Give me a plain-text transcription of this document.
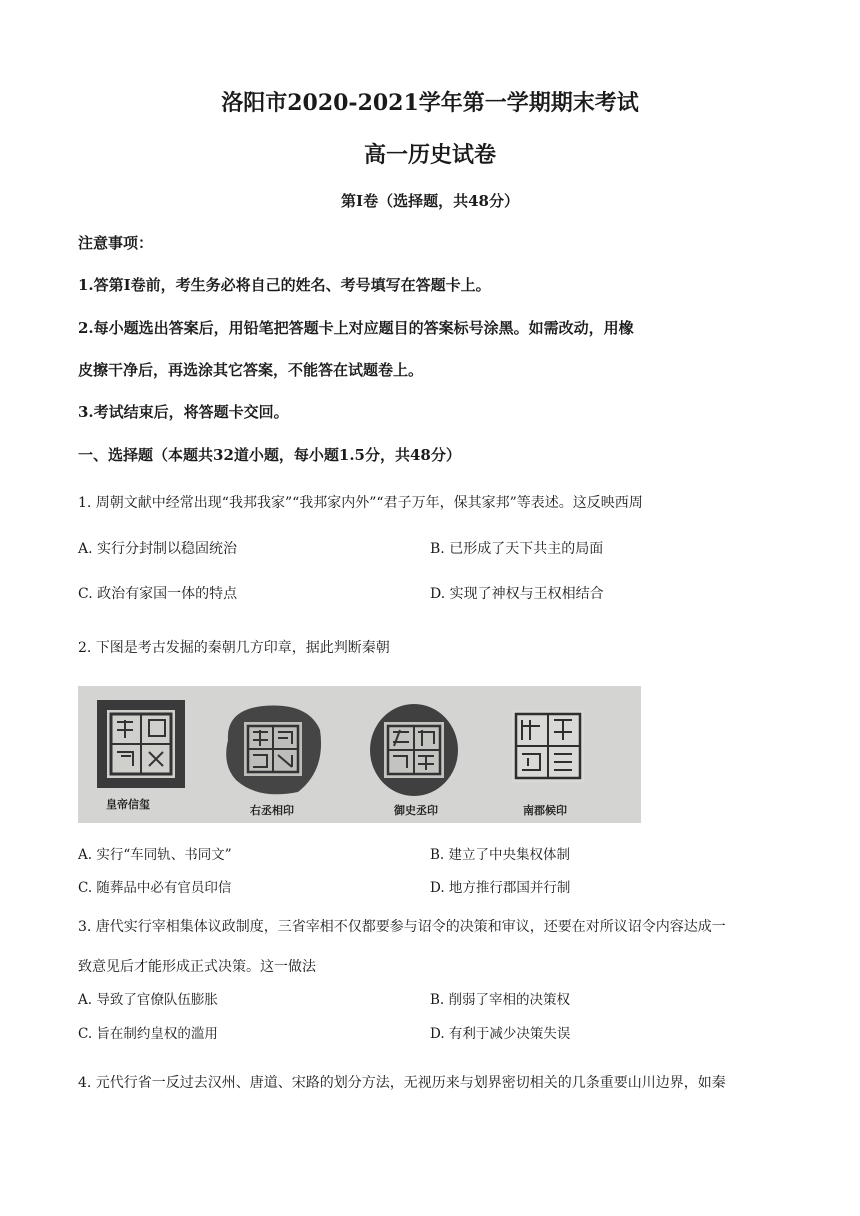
洛阳市2020-2021学年第一学期期末考试
高一历史试卷
第Ⅰ卷（选择题，共48分）
注意事项：
1.答第Ⅰ卷前，考生务必将自己的姓名、考号填写在答题卡上。
2.每小题选出答案后，用铅笔把答题卡上对应题目的答案标号涂黑。如需改动，用橡
皮擦干净后，再选涂其它答案，不能答在试题卷上。
3.考试结束后，将答题卡交回。
一、选择题（本题共32道小题，每小题1.5分，共48分）
1. 周朝文献中经常出现“我邦我家”“我邦家内外”“君子万年，保其家邦”等表述。这反映西周
A. 实行分封制以稳固统治	B. 已形成了天下共主的局面
C. 政治有家国一体的特点	D. 实现了神权与王权相结合
2. 下图是考古发掘的秦朝几方印章，据此判断秦朝
皇帝信玺	右丞相印	御史丞印	南郡候印
A. 实行“车同轨、书同文”	B. 建立了中央集权体制
C. 随葬品中必有官员印信	D. 地方推行郡国并行制
3. 唐代实行宰相集体议政制度，三省宰相不仅都要参与诏令的决策和审议，还要在对所议诏令内容达成一
致意见后才能形成正式决策。这一做法
A. 导致了官僚队伍膨胀	B. 削弱了宰相的决策权
C. 旨在制约皇权的滥用	D. 有利于减少决策失误
4. 元代行省一反过去汉州、唐道、宋路的划分方法，无视历来与划界密切相关的几条重要山川边界，如秦
